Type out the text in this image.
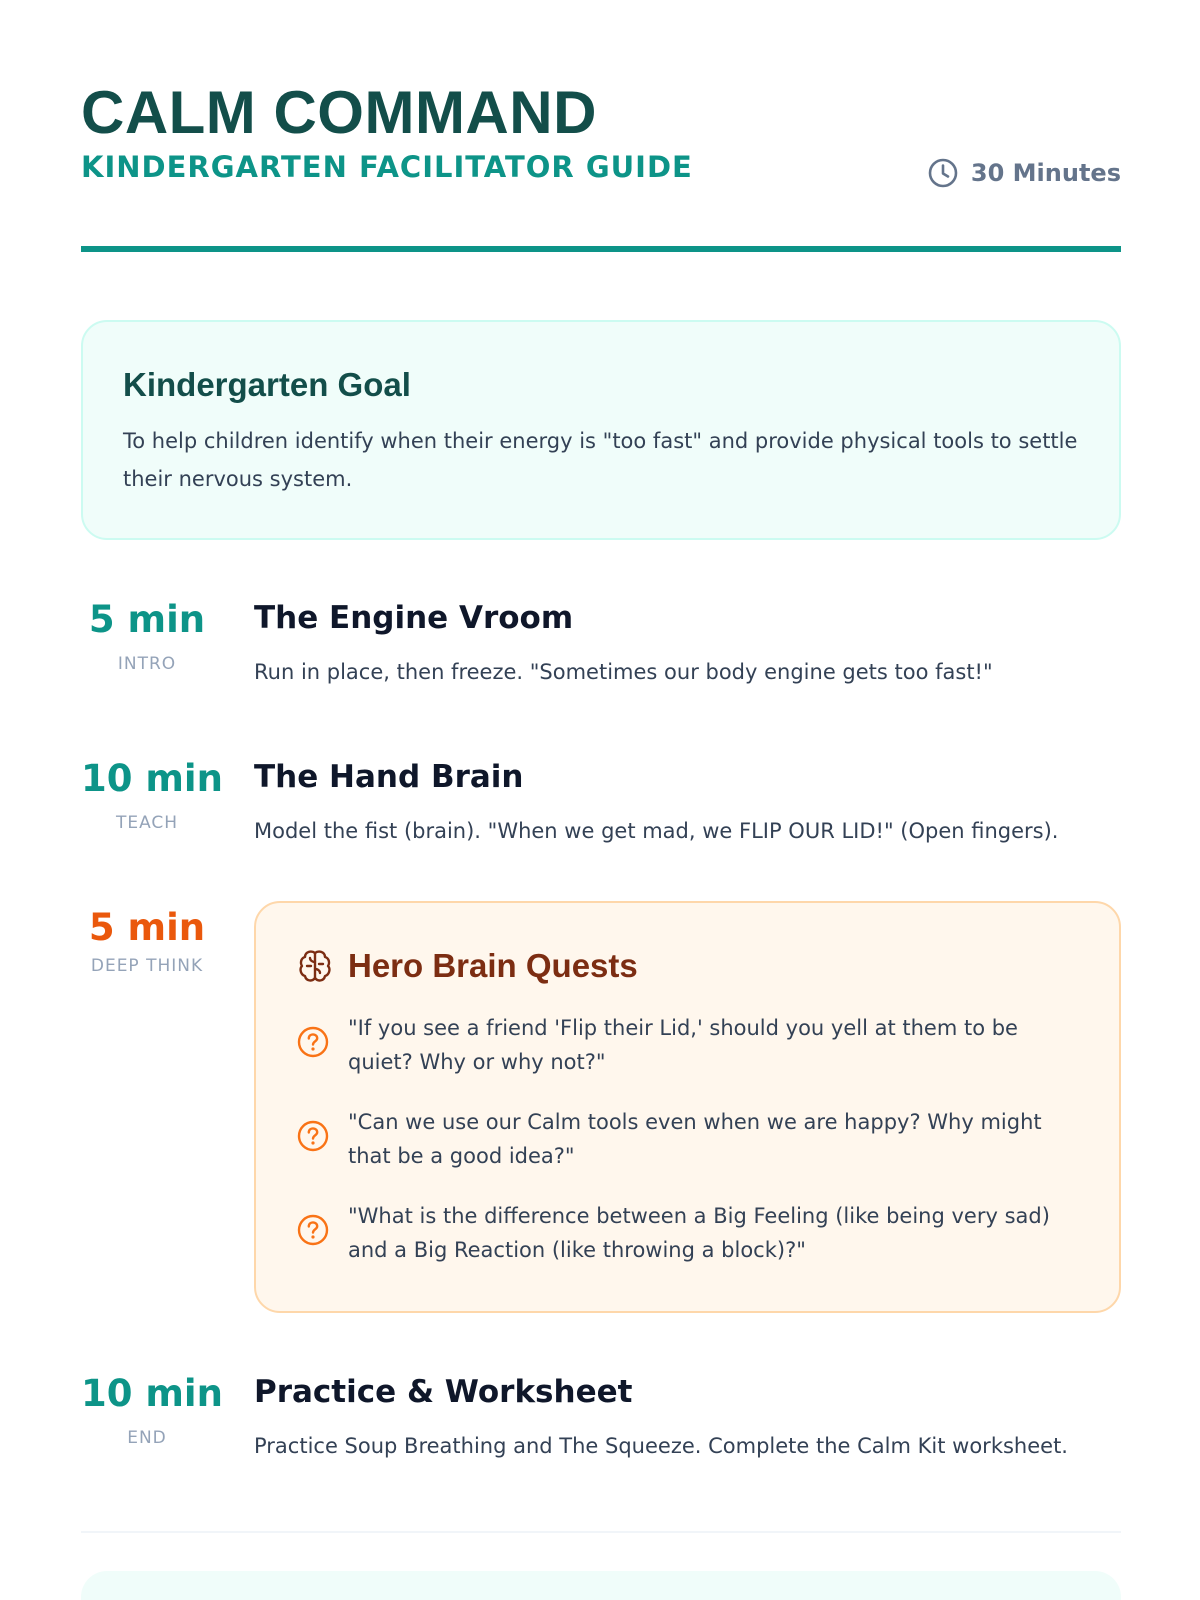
CALM COMMAND
KINDERGARTEN FACILITATOR GUIDE	30 Minutes
Kindergarten Goal

To help children identify when their energy is "too fast" and provide physical tools to settle their nervous system.

5 min
INTRO
The Engine Vroom

Run in place, then freeze. "Sometimes our body engine gets too fast!"

10 min
TEACH
The Hand Brain

Model the fist (brain). "When we get mad, we FLIP OUR LID!" (Open fingers).

5 min
DEEP THINK	Hero Brain Quests

"If you see a friend 'Flip their Lid,' should you yell at them to be quiet? Why or why not?"

"Can we use our Calm tools even when we are happy? Why might that be a good idea?"

"What is the difference between a Big Feeling (like being very sad) and a Big Reaction (like throwing a block)?"

10 min
END
Practice & Worksheet

Practice Soup Breathing and The Squeeze. Complete the Calm Kit worksheet.
